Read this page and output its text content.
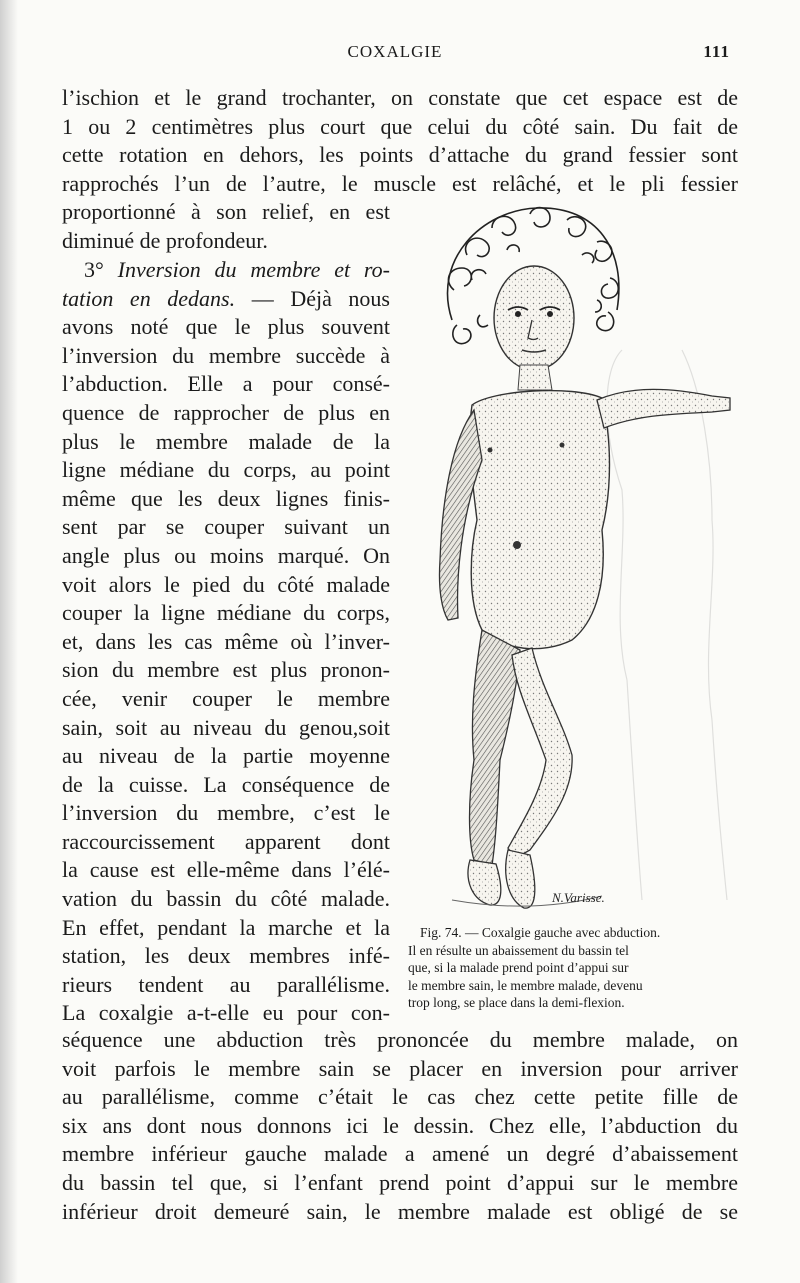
COXALGIE	111
l’ischion et le grand trochanter, on constate que cet espace est de
1 ou 2 centimètres plus court que celui du côté sain. Du fait de
cette rotation en dehors, les points d’attache du grand fessier sont
rapprochés l’un de l’autre, le muscle est relâché, et le pli fessier
proportionné à son relief, en est
diminué de profondeur.
3° Inversion du membre et ro-
tation en dedans. — Déjà nous
avons noté que le plus souvent
l’inversion du membre succède à
l’abduction. Elle a pour consé-
quence de rapprocher de plus en
plus le membre malade de la
ligne médiane du corps, au point
même que les deux lignes finis-
sent par se couper suivant un
angle plus ou moins marqué. On
voit alors le pied du côté malade
couper la ligne médiane du corps,
et, dans les cas même où l’inver-
sion du membre est plus pronon-
cée, venir couper le membre
sain, soit au niveau du genou,soit
au niveau de la partie moyenne
de la cuisse. La conséquence de
l’inversion du membre, c’est le
raccourcissement apparent dont
la cause est elle-même dans l’élé-
vation du bassin du côté malade.
En effet, pendant la marche et la
station, les deux membres infé-
rieurs tendent au parallélisme.
La coxalgie a-t-elle eu pour con-
séquence une abduction très prononcée du membre malade, on
voit parfois le membre sain se placer en inversion pour arriver
au parallélisme, comme c’était le cas chez cette petite fille de
six ans dont nous donnons ici le dessin. Chez elle, l’abduction du
membre inférieur gauche malade a amené un degré d’abaissement
du bassin tel que, si l’enfant prend point d’appui sur le membre
inférieur droit demeuré sain, le membre malade est obligé de se
N.Varisse.
Fig. 74. — Coxalgie gauche avec abduction.
Il en résulte un abaissement du bassin tel
que, si la malade prend point d’appui sur
le membre sain, le membre malade, devenu
trop long, se place dans la demi-flexion.
